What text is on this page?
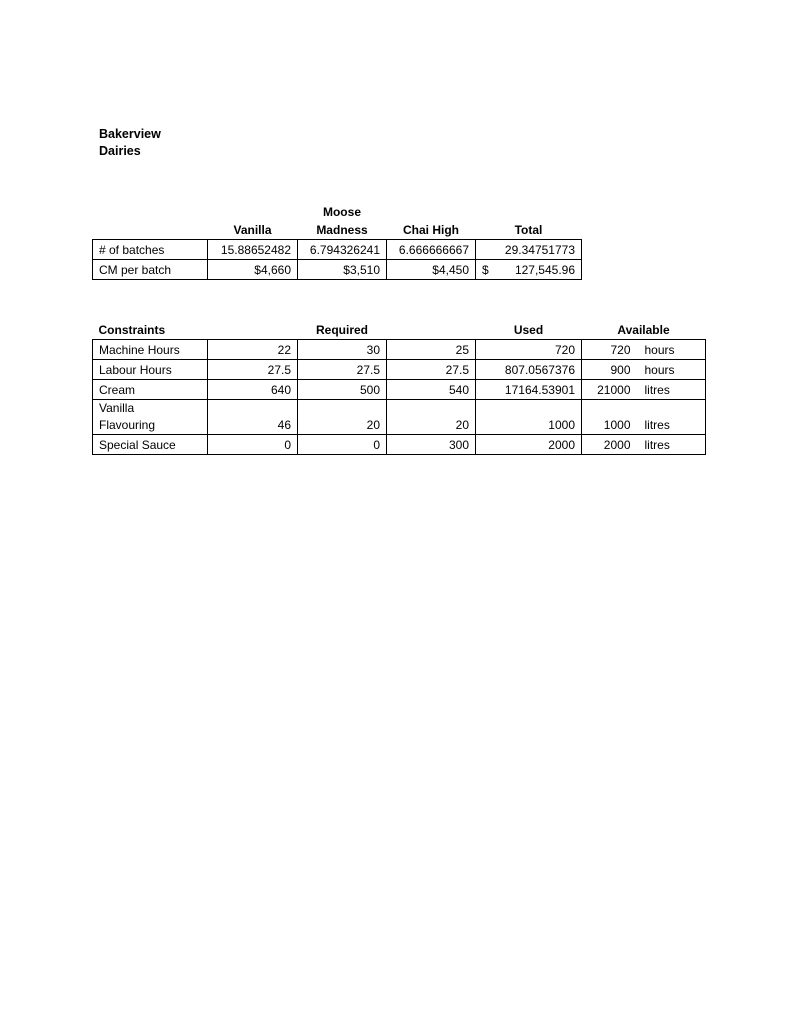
Bakerview
Dairies
		Moose		
	Vanilla	Madness	Chai High	Total
# of batches	15.88652482	6.794326241	6.666666667	29.34751773
CM per batch	$4,660	$3,510	$4,450	$ 127,545.96
Constraints		Required		Used	Available	
Machine Hours	22	30	25	720	720	hours
Labour Hours	27.5	27.5	27.5	807.0567376	900	hours
Cream	640	500	540	17164.53901	21000	litres

Vanilla
Flavouring	46	20	20	1000	1000	litres
Special Sauce	0	0	300	2000	2000	litres
